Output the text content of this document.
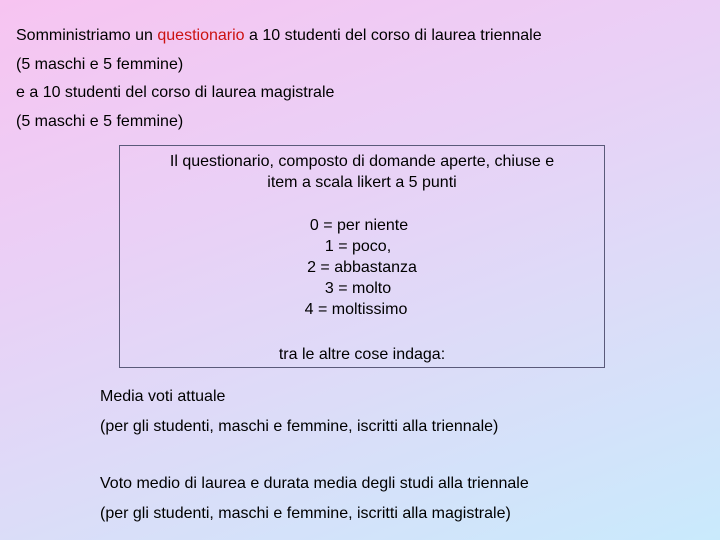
Somministriamo un questionario a 10 studenti del corso di laurea triennale
(5 maschi e 5 femmine)
e a 10 studenti del corso di laurea magistrale
(5 maschi e 5 femmine)
Il questionario, composto di domande aperte, chiuse e
item a scala likert a 5 punti
0 = per niente
1 = poco,
2 = abbastanza
3 = molto
4 = moltissimo
tra le altre cose indaga:
Media voti attuale
(per gli studenti, maschi e femmine, iscritti alla triennale)
Voto medio di laurea e durata media degli studi alla triennale
(per gli studenti, maschi e femmine, iscritti alla magistrale)
